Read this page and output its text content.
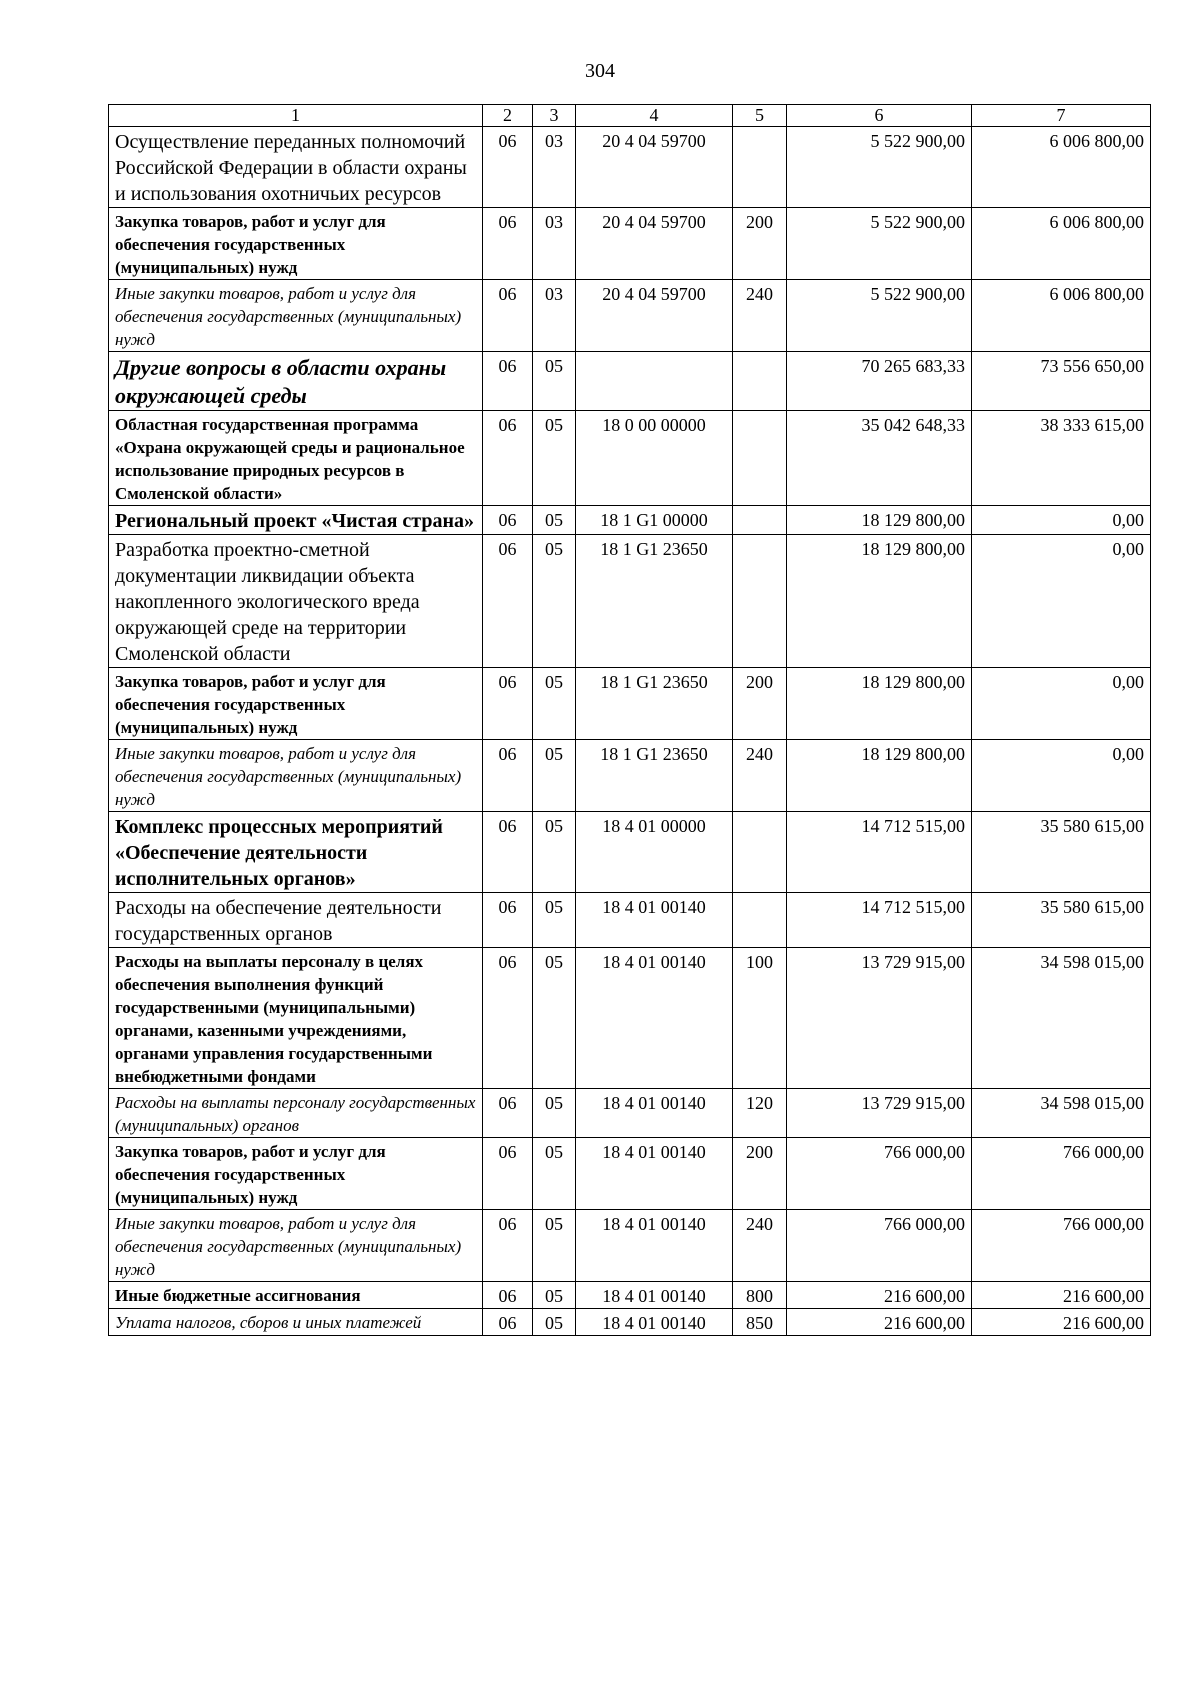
304
1	2	3	4	5	6	7
Осуществление переданных полномочий Российской Федерации в области охраны и использования охотничьих ресурсов	06	03	20 4 04 59700		5 522 900,00	6 006 800,00
Закупка товаров, работ и услуг для обеспечения государственных (муниципальных) нужд	06	03	20 4 04 59700	200	5 522 900,00	6 006 800,00
Иные закупки товаров, работ и услуг для обеспечения государственных (муниципальных) нужд	06	03	20 4 04 59700	240	5 522 900,00	6 006 800,00
Другие вопросы в области охраны окружающей среды	06	05			70 265 683,33	73 556 650,00
Областная государственная программа «Охрана окружающей среды и рациональное использование природных ресурсов в Смоленской области»	06	05	18 0 00 00000		35 042 648,33	38 333 615,00
Региональный проект «Чистая страна»	06	05	18 1 G1 00000		18 129 800,00	0,00
Разработка проектно-сметной документации ликвидации объекта накопленного экологического вреда окружающей среде на территории Смоленской области	06	05	18 1 G1 23650		18 129 800,00	0,00
Закупка товаров, работ и услуг для обеспечения государственных (муниципальных) нужд	06	05	18 1 G1 23650	200	18 129 800,00	0,00
Иные закупки товаров, работ и услуг для обеспечения государственных (муниципальных) нужд	06	05	18 1 G1 23650	240	18 129 800,00	0,00
Комплекс процессных мероприятий «Обеспечение деятельности исполнительных органов»	06	05	18 4 01 00000		14 712 515,00	35 580 615,00
Расходы на обеспечение деятельности государственных органов	06	05	18 4 01 00140		14 712 515,00	35 580 615,00
Расходы на выплаты персоналу в целях обеспечения выполнения функций государственными (муниципальными) органами, казенными учреждениями, органами управления государственными внебюджетными фондами	06	05	18 4 01 00140	100	13 729 915,00	34 598 015,00
Расходы на выплаты персоналу государственных (муниципальных) органов	06	05	18 4 01 00140	120	13 729 915,00	34 598 015,00
Закупка товаров, работ и услуг для обеспечения государственных (муниципальных) нужд	06	05	18 4 01 00140	200	766 000,00	766 000,00
Иные закупки товаров, работ и услуг для обеспечения государственных (муниципальных) нужд	06	05	18 4 01 00140	240	766 000,00	766 000,00
Иные бюджетные ассигнования	06	05	18 4 01 00140	800	216 600,00	216 600,00
Уплата налогов, сборов и иных платежей	06	05	18 4 01 00140	850	216 600,00	216 600,00
